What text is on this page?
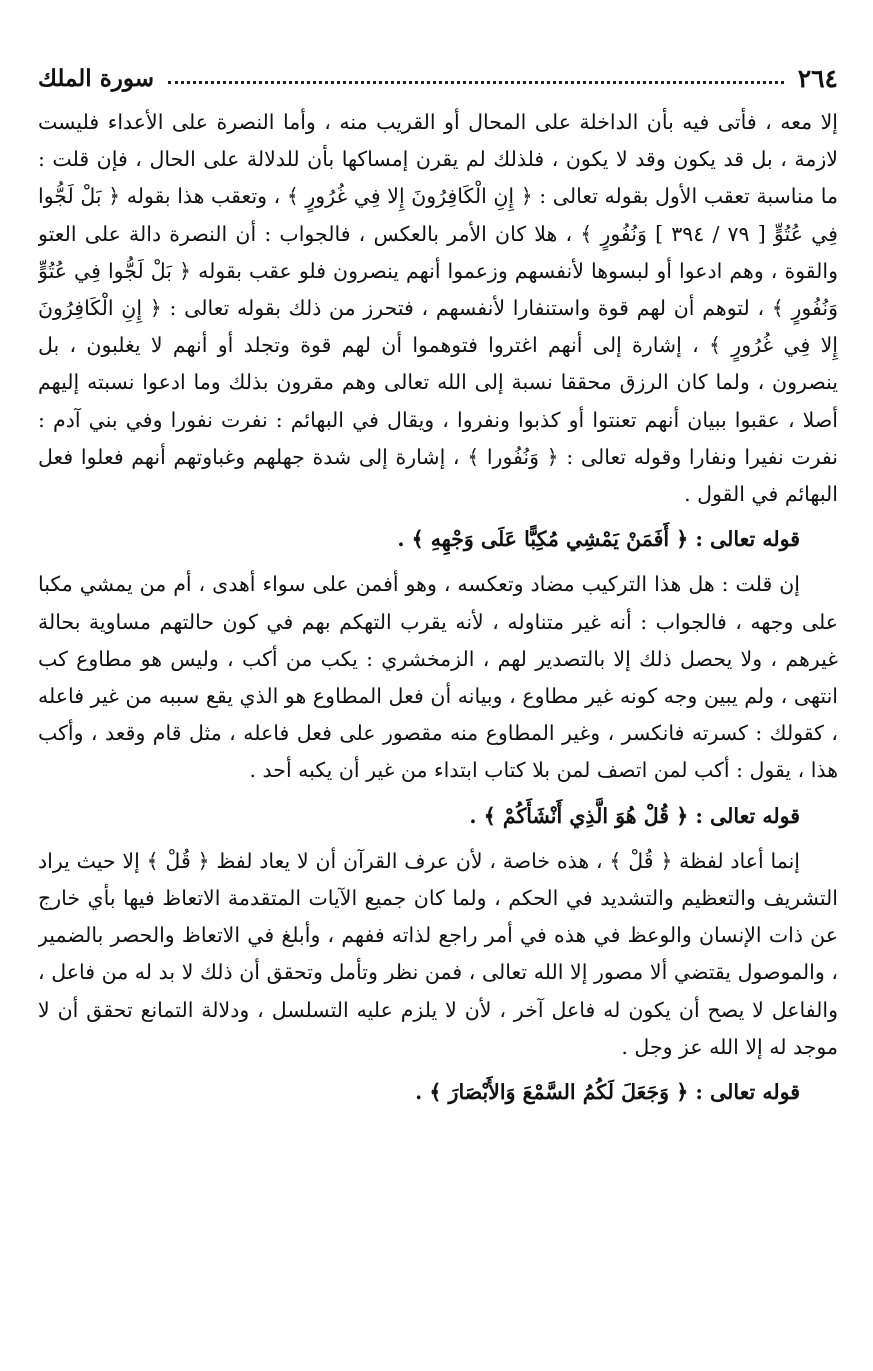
٢٦٤
سورة الملك

إلا معه ، فأتى فيه بأن الداخلة على المحال أو القريب منه ، وأما النصرة على الأعداء فليست لازمة ، بل قد يكون وقد لا يكون ، فلذلك لم يقرن إمساكها بأن للدلالة على الحال ، فإن قلت : ما مناسبة تعقب الأول بقوله تعالى : ﴿ إِنِ الْكَافِرُونَ إِلا فِي غُرُورٍ ﴾ ، وتعقب هذا بقوله ﴿ بَلْ لَجُّوا فِي عُتُوٍّ [ ٧٩ / ٣٩٤ ] وَنُفُورٍ ﴾ ، هلا كان الأمر بالعكس ، فالجواب : أن النصرة دالة على العتو والقوة ، وهم ادعوا أو لبسوها لأنفسهم وزعموا أنهم ينصرون فلو عقب بقوله ﴿ بَلْ لَجُّوا فِي عُتُوٍّ وَنُفُورٍ ﴾ ، لتوهم أن لهم قوة واستنفارا لأنفسهم ، فتحرز من ذلك بقوله تعالى : ﴿ إِنِ الْكَافِرُونَ إِلا فِي غُرُورٍ ﴾ ، إشارة إلى أنهم اغتروا فتوهموا أن لهم قوة وتجلد أو أنهم لا يغلبون ، بل ينصرون ، ولما كان الرزق محققا نسبة إلى الله تعالى وهم مقرون بذلك وما ادعوا نسبته إليهم أصلا ، عقبوا ببيان أنهم تعنتوا أو كذبوا ونفروا ، ويقال في البهائم : نفرت نفورا وفي بني آدم : نفرت نفيرا ونفارا وقوله تعالى : ﴿ وَنُفُورا ﴾ ، إشارة إلى شدة جهلهم وغباوتهم أنهم فعلوا فعل البهائم في القول .

قوله تعالى : ﴿ أَفَمَنْ يَمْشِي مُكِبًّا عَلَى وَجْهِهِ ﴾ .

إن قلت : هل هذا التركيب مضاد وتعكسه ، وهو أفمن على سواء أهدى ، أم من يمشي مكبا على وجهه ، فالجواب : أنه غير متناوله ، لأنه يقرب التهكم بهم في كون حالتهم مساوية بحالة غيرهم ، ولا يحصل ذلك إلا بالتصدير لهم ، الزمخشري : يكب من أكب ، وليس هو مطاوع كب انتهى ، ولم يبين وجه كونه غير مطاوع ، وبيانه أن فعل المطاوع هو الذي يقع سببه من غير فاعله ، كقولك : كسرته فانكسر ، وغير المطاوع منه مقصور على فعل فاعله ، مثل قام وقعد ، وأكب هذا ، يقول : أكب لمن اتصف لمن بلا كتاب ابتداء من غير أن يكبه أحد .

قوله تعالى : ﴿ قُلْ هُوَ الَّذِي أَنْشَأَكُمْ ﴾ .

إنما أعاد لفظة ﴿ قُلْ ﴾ ، هذه خاصة ، لأن عرف القرآن أن لا يعاد لفظ ﴿ قُلْ ﴾ إلا حيث يراد التشريف والتعظيم والتشديد في الحكم ، ولما كان جميع الآيات المتقدمة الاتعاظ فيها بأي خارج عن ذات الإنسان والوعظ في هذه في أمر راجع لذاته ففهم ، وأبلغ في الاتعاظ والحصر بالضمير ، والموصول يقتضي ألا مصور إلا الله تعالى ، فمن نظر وتأمل وتحقق أن ذلك لا بد له من فاعل ، والفاعل لا يصح أن يكون له فاعل آخر ، لأن لا يلزم عليه التسلسل ، ودلالة التمانع تحقق أن لا موجد له إلا الله عز وجل .

قوله تعالى : ﴿ وَجَعَلَ لَكُمُ السَّمْعَ وَالأَبْصَارَ ﴾ .
